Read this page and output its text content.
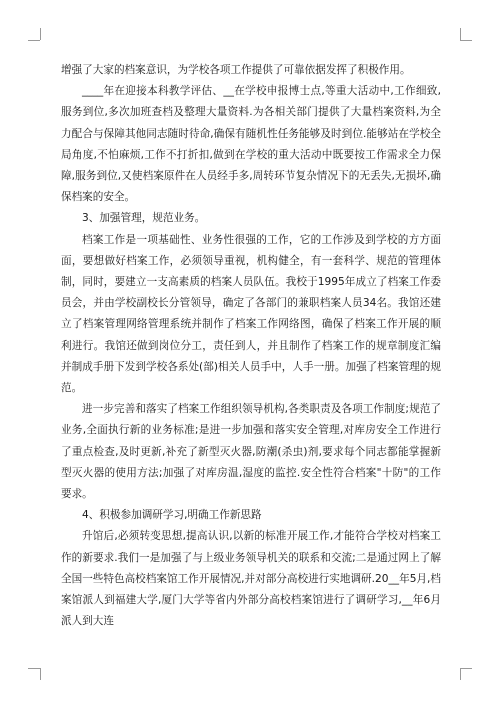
增强了大家的档案意识，为学校各项工作提供了可靠依据发挥了积极作用。

____年在迎接本科教学评估、__在学校申报博士点,等重大活动中,工作细致,服务到位,多次加班查档及整理大量资料.为各相关部门提供了大量档案资料,为全力配合与保障其他同志随时待命,确保有随机性任务能够及时到位.能够站在学校全局角度,不怕麻烦,工作不打折扣,做到在学校的重大活动中既要按工作需求全力保障,服务到位,又使档案原件在人员经手多,周转环节复杂情况下的无丢失,无损坏,确保档案的安全。

3、加强管理，规范业务。

档案工作是一项基础性、业务性很强的工作，它的工作涉及到学校的方方面面，要想做好档案工作，必须领导重视，机构健全，有一套科学、规范的管理体制，同时，要建立一支高素质的档案人员队伍。我校于1995年成立了档案工作委员会，并由学校副校长分管领导，确定了各部门的兼职档案人员34名。我馆还建立了档案管理网络管理系统并制作了档案工作网络图，确保了档案工作开展的顺利进行。我馆还做到岗位分工，责任到人，并且制作了档案工作的规章制度汇编并制成手册下发到学校各系处(部)相关人员手中，人手一册。加强了档案管理的规范。

进一步完善和落实了档案工作组织领导机构,各类职责及各项工作制度;规范了业务,全面执行新的业务标准;是进一步加强和落实安全管理,对库房安全工作进行了重点检查,及时更新,补充了新型灭火器,防潮(杀虫)剂,要求每个同志都能掌握新型灭火器的使用方法;加强了对库房温,湿度的监控.安全性符合档案"十防"的工作要求。

4、积极参加调研学习,明确工作新思路

升馆后,必须转变思想,提高认识,以新的标准开展工作,才能符合学校对档案工作的新要求.我们一是加强了与上级业务领导机关的联系和交流;二是通过网上了解全国一些特色高校档案馆工作开展情况,并对部分高校进行实地调研.20__年5月,档案馆派人到福建大学,厦门大学等省内外部分高校档案馆进行了调研学习,__年6月派人到大连
